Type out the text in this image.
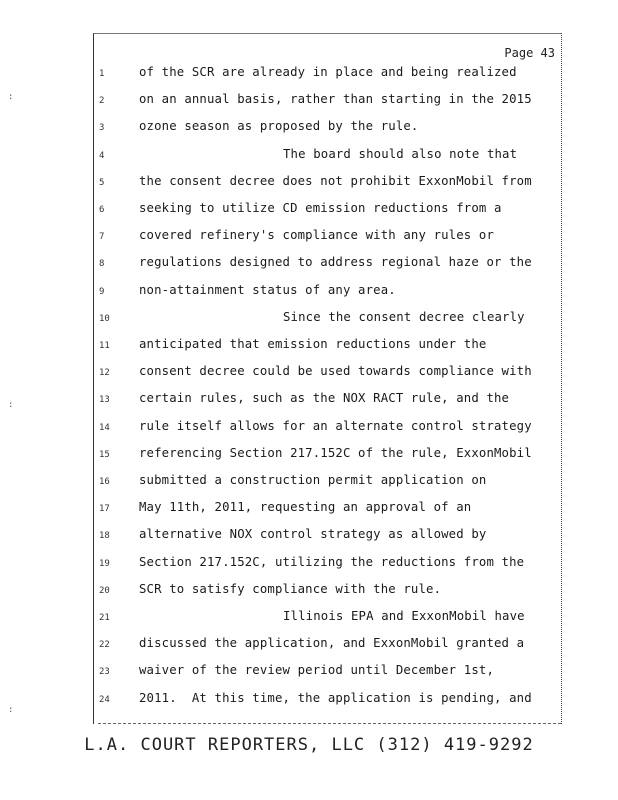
Page 43
:
:
:
1	of the SCR are already in place and being realized
2	on an annual basis, rather than starting in the 2015
3	ozone season as proposed by the rule.
4	The board should also note that
5	the consent decree does not prohibit ExxonMobil from
6	seeking to utilize CD emission reductions from a
7	covered refinery's compliance with any rules or
8	regulations designed to address regional haze or the
9	non-attainment status of any area.
10	Since the consent decree clearly
11	anticipated that emission reductions under the
12	consent decree could be used towards compliance with
13	certain rules, such as the NOX RACT rule, and the
14	rule itself allows for an alternate control strategy
15	referencing Section 217.152C of the rule, ExxonMobil
16	submitted a construction permit application on
17	May 11th, 2011, requesting an approval of an
18	alternative NOX control strategy as allowed by
19	Section 217.152C, utilizing the reductions from the
20	SCR to satisfy compliance with the rule.
21	Illinois EPA and ExxonMobil have
22	discussed the application, and ExxonMobil granted a
23	waiver of the review period until December 1st,
24	2011.  At this time, the application is pending, and
L.A. COURT REPORTERS, LLC (312) 419-9292
